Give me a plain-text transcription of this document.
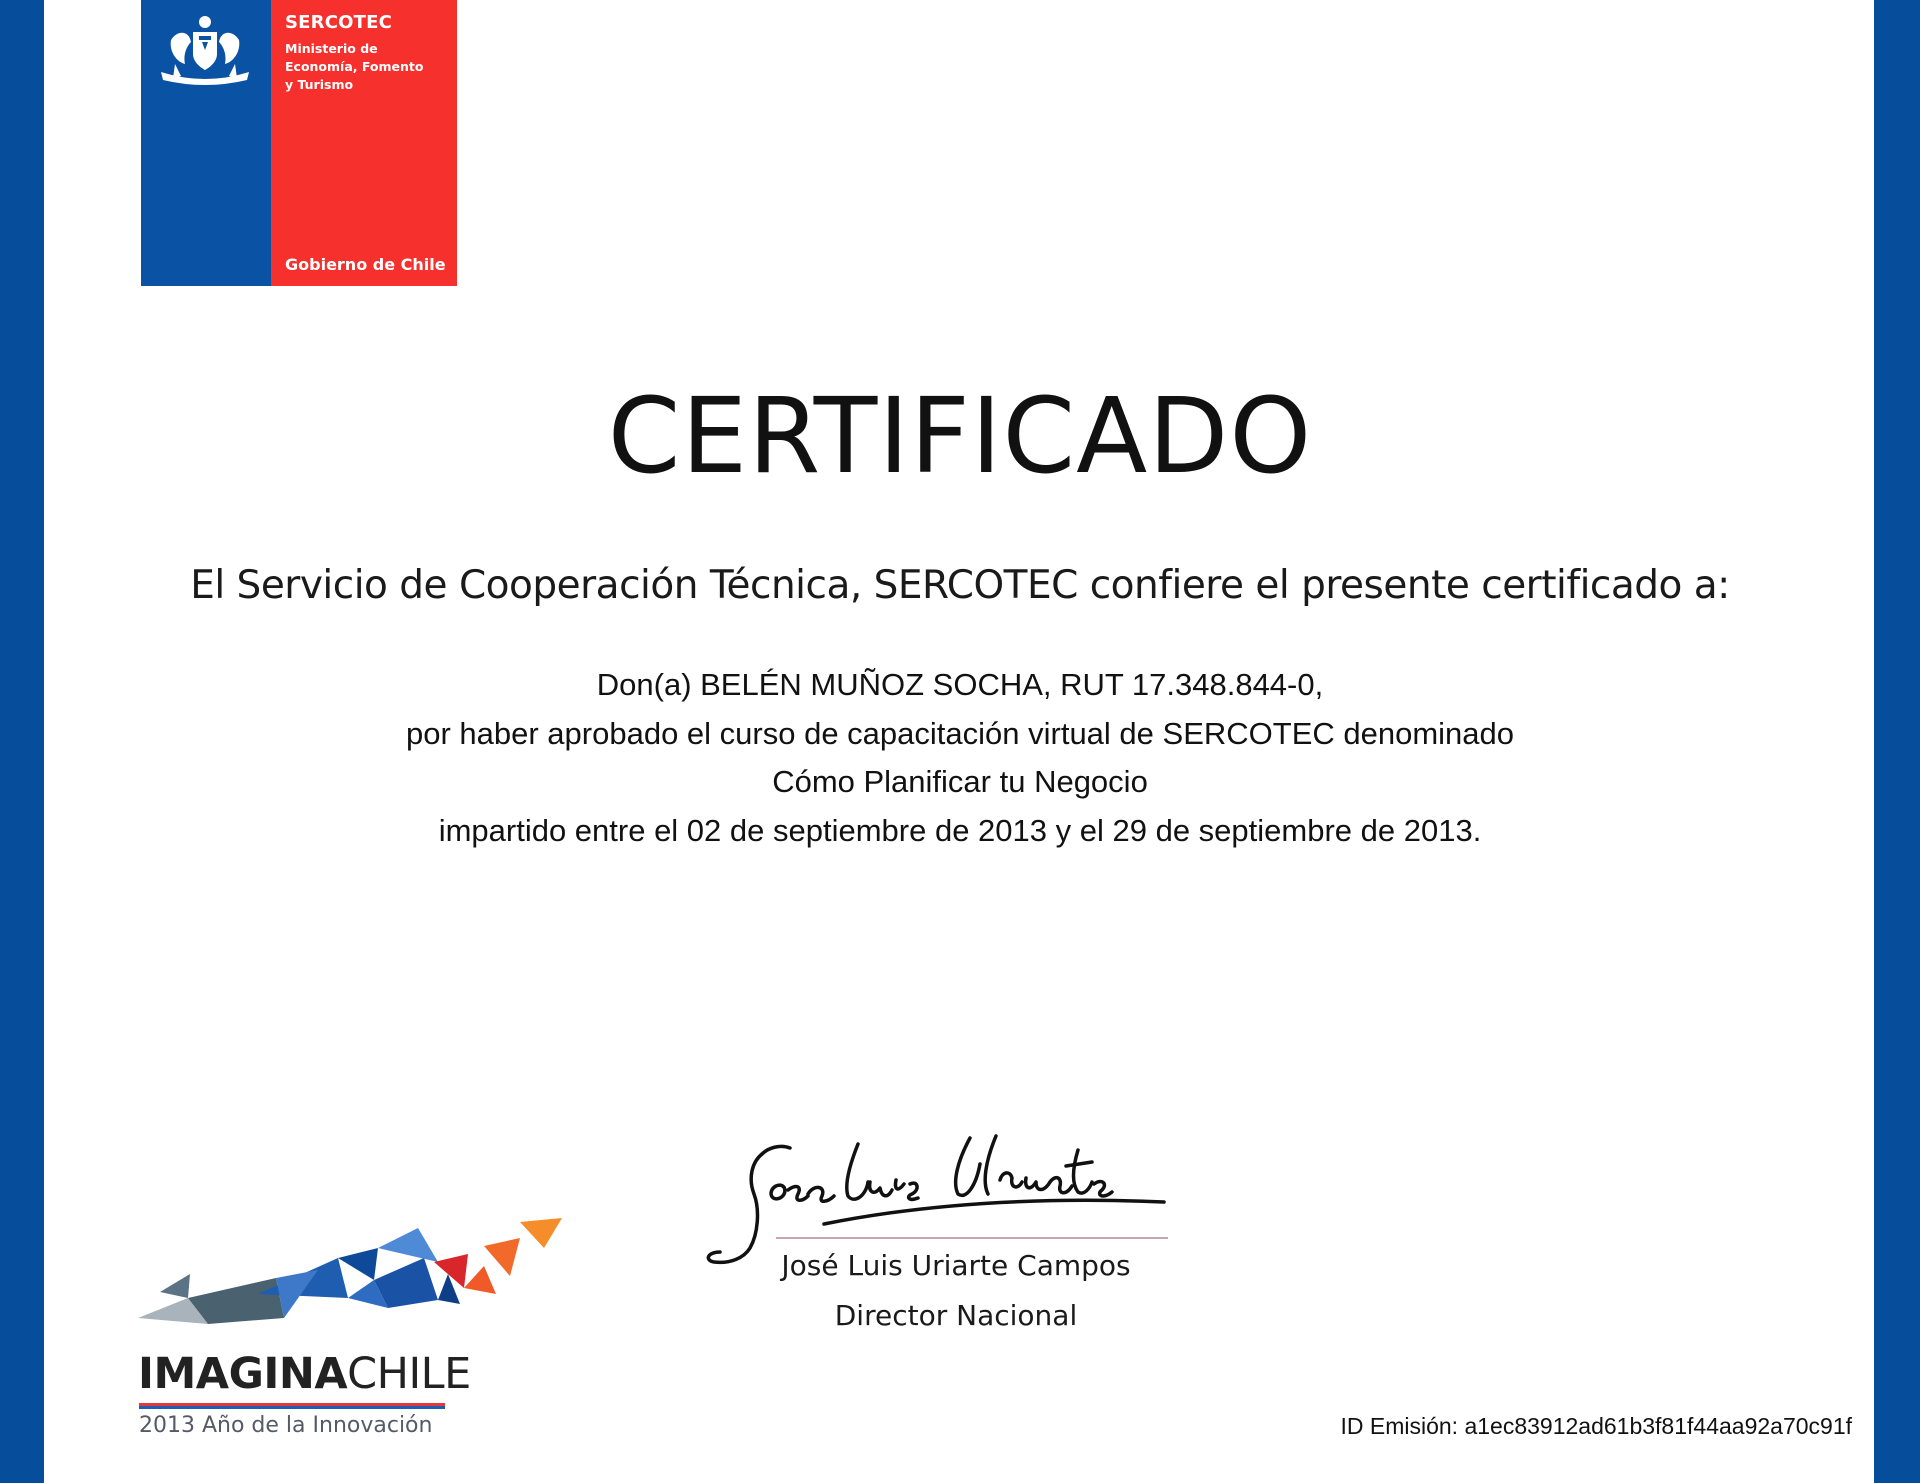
SERCOTEC
Ministerio de
Economía, Fomento
y Turismo
Gobierno de Chile
CERTIFICADO
El Servicio de Cooperación Técnica, SERCOTEC confiere el presente certificado a:
Don(a) BELÉN MUÑOZ SOCHA, RUT 17.348.844-0,
por haber aprobado el curso de capacitación virtual de SERCOTEC denominado
Cómo Planificar tu Negocio
impartido entre el 02 de septiembre de 2013 y el 29 de septiembre de 2013.
José Luis Uriarte Campos
Director Nacional
IMAGINACHILE
2013 Año de la Innovación	ID Emisión: a1ec83912ad61b3f81f44aa92a70c91f
